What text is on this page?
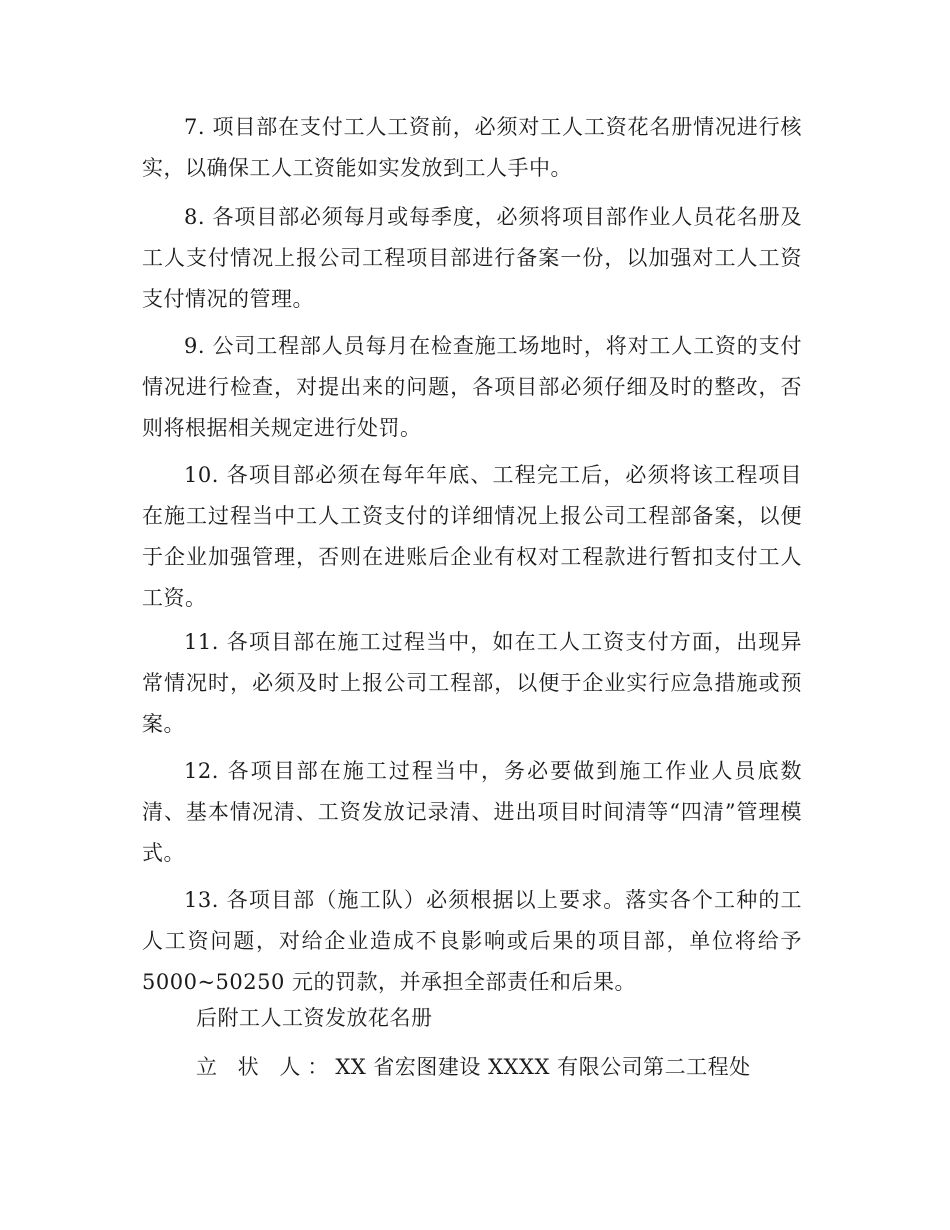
7. 项目部在支付工人工资前，必须对工人工资花名册情况进行核实，以确保工人工资能如实发放到工人手中。

8. 各项目部必须每月或每季度，必须将项目部作业人员花名册及工人支付情况上报公司工程项目部进行备案一份，以加强对工人工资支付情况的管理。

9. 公司工程部人员每月在检查施工场地时，将对工人工资的支付情况进行检查，对提出来的问题，各项目部必须仔细及时的整改，否则将根据相关规定进行处罚。

10. 各项目部必须在每年年底、工程完工后，必须将该工程项目在施工过程当中工人工资支付的详细情况上报公司工程部备案，以便于企业加强管理，否则在进账后企业有权对工程款进行暂扣支付工人工资。

11. 各项目部在施工过程当中，如在工人工资支付方面，出现异常情况时，必须及时上报公司工程部，以便于企业实行应急措施或预案。

12. 各项目部在施工过程当中，务必要做到施工作业人员底数清、基本情况清、工资发放记录清、进出项目时间清等“四清”管理模式。

13. 各项目部（施工队）必须根据以上要求。落实各个工种的工人工资问题，对给企业造成不良影响或后果的项目部，单位将给予5000~50250 元的罚款，并承担全部责任和后果。

后附工人工资发放花名册

立 状 人：XX 省宏图建设 XXXX 有限公司第二工程处
